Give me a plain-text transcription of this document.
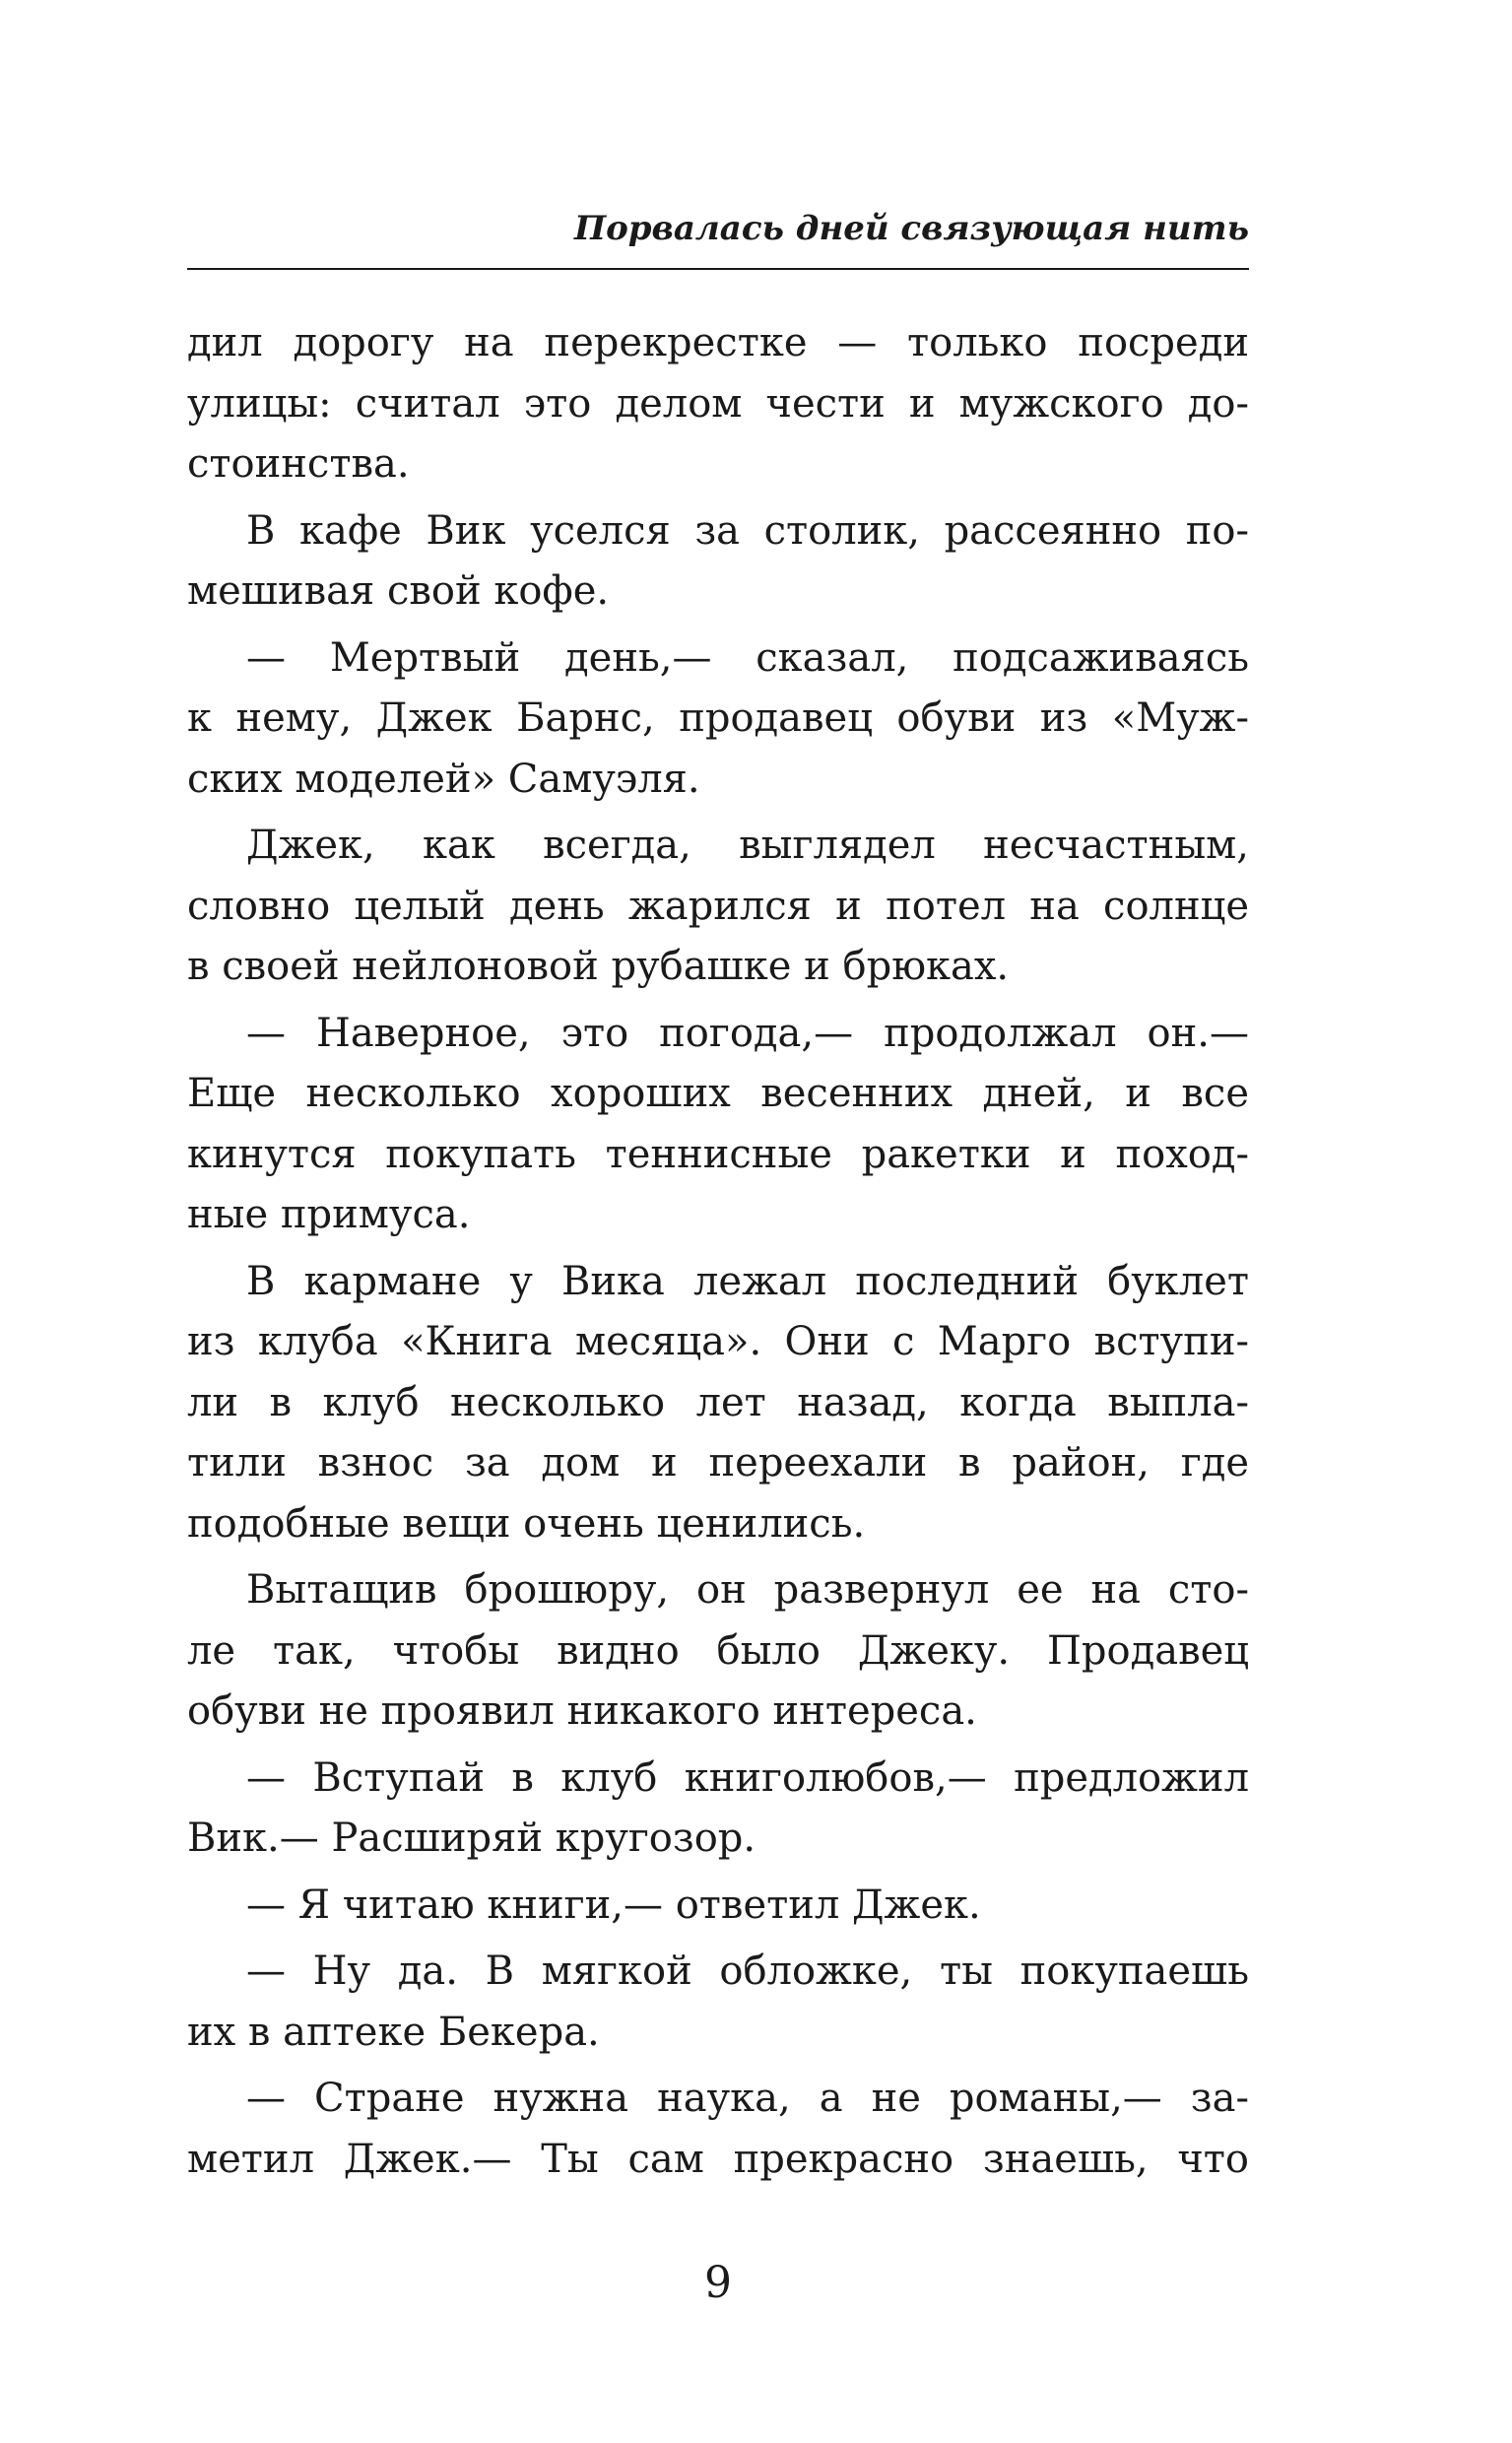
Порвалась дней связующая нить
дил дорогу на перекрестке — только посреди
улицы: считал это делом чести и мужского до-
стоинства.
В кафе Вик уселся за столик, рассеянно по-
мешивая свой кофе.
— Мертвый день,— сказал, подсаживаясь
к нему, Джек Барнс, продавец обуви из «Муж-
ских моделей» Самуэля.
Джек, как всегда, выглядел несчастным,
словно целый день жарился и потел на солнце
в своей нейлоновой рубашке и брюках.
— Наверное, это погода,— продолжал он.—
Еще несколько хороших весенних дней, и все
кинутся покупать теннисные ракетки и поход-
ные примуса.
В кармане у Вика лежал последний буклет
из клуба «Книга месяца». Они с Марго вступи-
ли в клуб несколько лет назад, когда выпла-
тили взнос за дом и переехали в район, где
подобные вещи очень ценились.
Вытащив брошюру, он развернул ее на сто-
ле так, чтобы видно было Джеку. Продавец
обуви не проявил никакого интереса.
— Вступай в клуб книголюбов,— предложил
Вик.— Расширяй кругозор.
— Я читаю книги,— ответил Джек.
— Ну да. В мягкой обложке, ты покупаешь
их в аптеке Бекера.
— Стране нужна наука, а не романы,— за-
метил Джек.— Ты сам прекрасно знаешь, что
9
